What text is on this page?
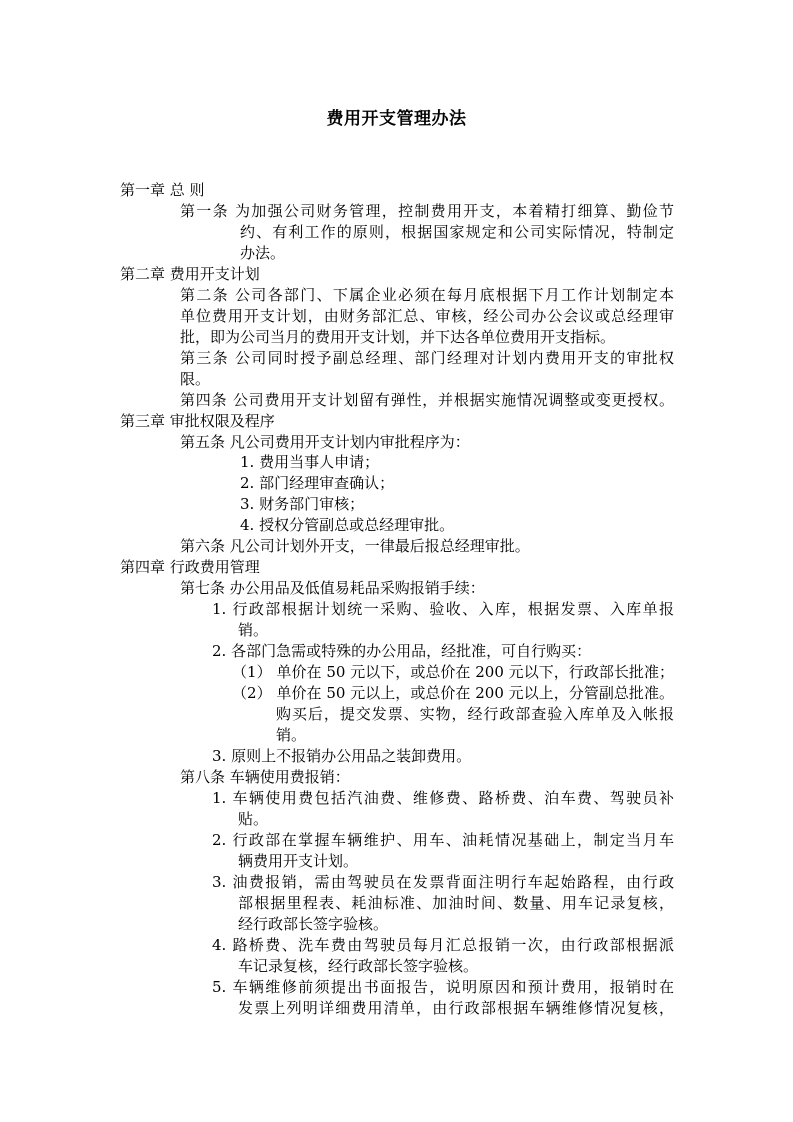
费用开支管理办法
第一章 总 则
第一条 为加强公司财务管理，控制费用开支，本着精打细算、勤俭节
约、有利工作的原则，根据国家规定和公司实际情况，特制定
办法。
第二章 费用开支计划
第二条 公司各部门、下属企业必须在每月底根据下月工作计划制定本
单位费用开支计划，由财务部汇总、审核，经公司办公会议或总经理审
批，即为公司当月的费用开支计划，并下达各单位费用开支指标。
第三条 公司同时授予副总经理、部门经理对计划内费用开支的审批权
限。
第四条 公司费用开支计划留有弹性，并根据实施情况调整或变更授权。
第三章 审批权限及程序
第五条 凡公司费用开支计划内审批程序为：
1. 费用当事人申请；
2. 部门经理审查确认；
3. 财务部门审核；
4. 授权分管副总或总经理审批。
第六条 凡公司计划外开支，一律最后报总经理审批。
第四章 行政费用管理
第七条 办公用品及低值易耗品采购报销手续：
1. 行政部根据计划统一采购、验收、入库，根据发票、入库单报
销。
2. 各部门急需或特殊的办公用品，经批准，可自行购买：
（1） 单价在 50 元以下，或总价在 200 元以下，行政部长批准；
（2） 单价在 50 元以上，或总价在 200 元以上，分管副总批准。
购买后，提交发票、实物，经行政部查验入库单及入帐报
销。
3. 原则上不报销办公用品之装卸费用。
第八条 车辆使用费报销：
1. 车辆使用费包括汽油费、维修费、路桥费、泊车费、驾驶员补
贴。
2. 行政部在掌握车辆维护、用车、油耗情况基础上，制定当月车
辆费用开支计划。
3. 油费报销，需由驾驶员在发票背面注明行车起始路程，由行政
部根据里程表、耗油标准、加油时间、数量、用车记录复核，
经行政部长签字验核。
4. 路桥费、洗车费由驾驶员每月汇总报销一次，由行政部根据派
车记录复核，经行政部长签字验核。
5. 车辆维修前须提出书面报告，说明原因和预计费用，报销时在
发票上列明详细费用清单，由行政部根据车辆维修情况复核，
